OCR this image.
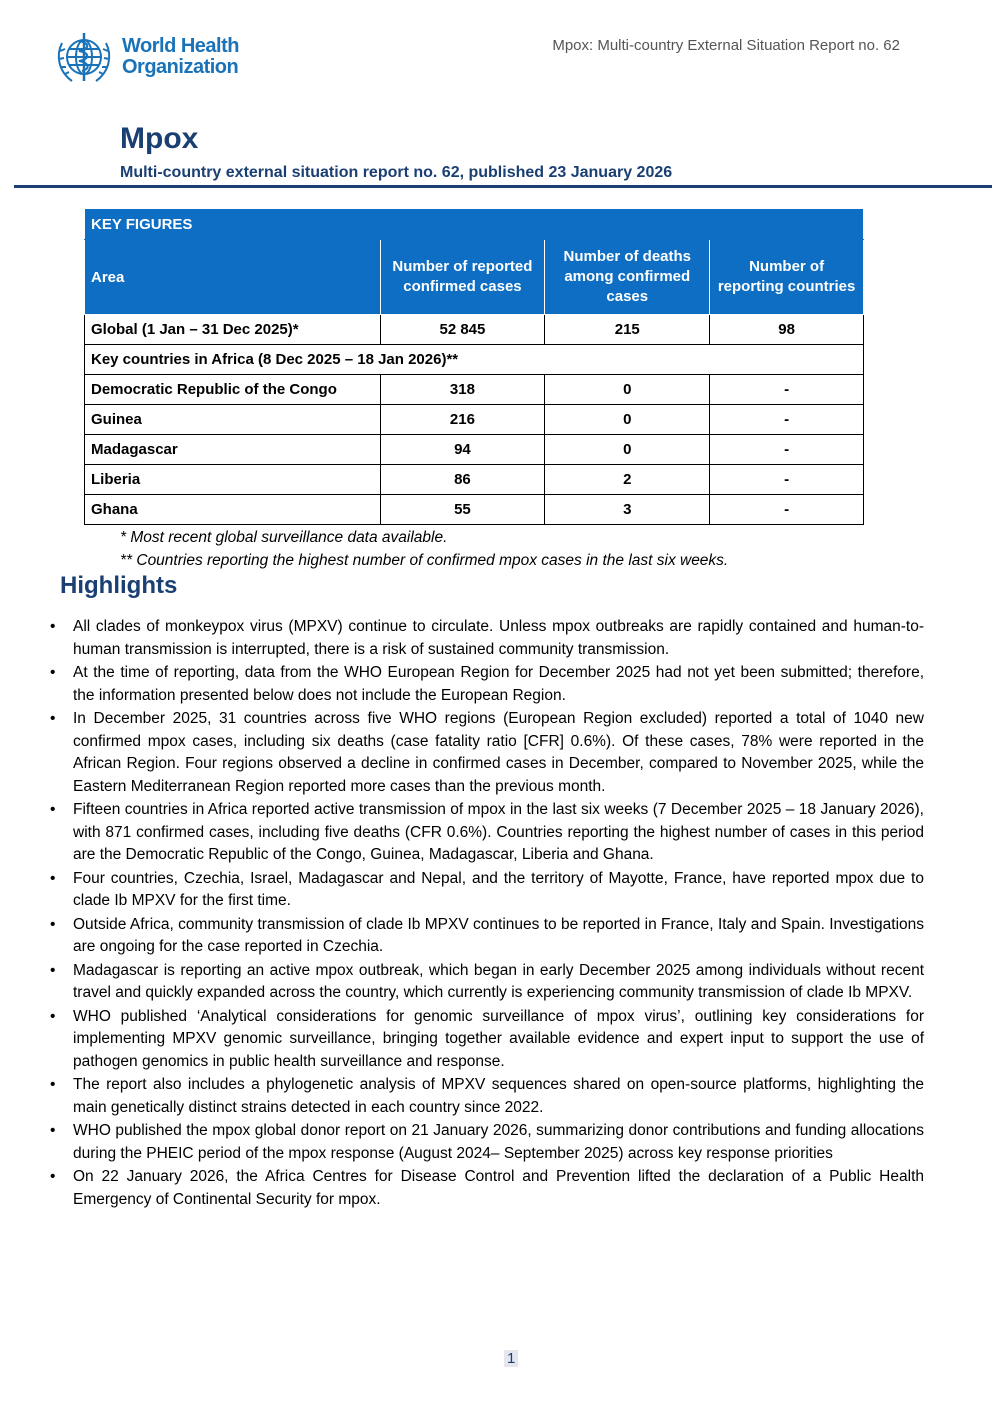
World Health
Organization
Mpox: Multi-country External Situation Report no. 62
Mpox
Multi-country external situation report no. 62, published 23 January 2026
KEY FIGURES			
Area	Number of reported confirmed cases	Number of deaths among confirmed cases	Number of reporting countries
Global (1 Jan – 31 Dec 2025)*	52 845	215	98
Key countries in Africa (8 Dec 2025 – 18 Jan 2026)**			
Democratic Republic of the Congo	318	0	-
Guinea	216	0	-
Madagascar	94	0	-
Liberia	86	2	-
Ghana	55	3	-
* Most recent global surveillance data available.
** Countries reporting the highest number of confirmed mpox cases in the last six weeks.
Highlights
• All clades of monkeypox virus (MPXV) continue to circulate. Unless mpox outbreaks are rapidly contained and human-to-human transmission is interrupted, there is a risk of sustained community transmission.
• At the time of reporting, data from the WHO European Region for December 2025 had not yet been submitted; therefore, the information presented below does not include the European Region.
• In December 2025, 31 countries across five WHO regions (European Region excluded) reported a total of 1040 new confirmed mpox cases, including six deaths (case fatality ratio [CFR] 0.6%). Of these cases, 78% were reported in the African Region. Four regions observed a decline in confirmed cases in December, compared to November 2025, while the Eastern Mediterranean Region reported more cases than the previous month.
• Fifteen countries in Africa reported active transmission of mpox in the last six weeks (7 December 2025 – 18 January 2026), with 871 confirmed cases, including five deaths (CFR 0.6%). Countries reporting the highest number of cases in this period are the Democratic Republic of the Congo, Guinea, Madagascar, Liberia and Ghana.
• Four countries, Czechia, Israel, Madagascar and Nepal, and the territory of Mayotte, France, have reported mpox due to clade Ib MPXV for the first time.
• Outside Africa, community transmission of clade Ib MPXV continues to be reported in France, Italy and Spain. Investigations are ongoing for the case reported in Czechia.
• Madagascar is reporting an active mpox outbreak, which began in early December 2025 among individuals without recent travel and quickly expanded across the country, which currently is experiencing community transmission of clade Ib MPXV.
• WHO published ‘Analytical considerations for genomic surveillance of mpox virus’, outlining key considerations for implementing MPXV genomic surveillance, bringing together available evidence and expert input to support the use of pathogen genomics in public health surveillance and response.
• The report also includes a phylogenetic analysis of MPXV sequences shared on open-source platforms, highlighting the main genetically distinct strains detected in each country since 2022.
• WHO published the mpox global donor report on 21 January 2026, summarizing donor contributions and funding allocations during the PHEIC period of the mpox response (August 2024– September 2025) across key response priorities
• On 22 January 2026, the Africa Centres for Disease Control and Prevention lifted the declaration of a Public Health Emergency of Continental Security for mpox.
1
